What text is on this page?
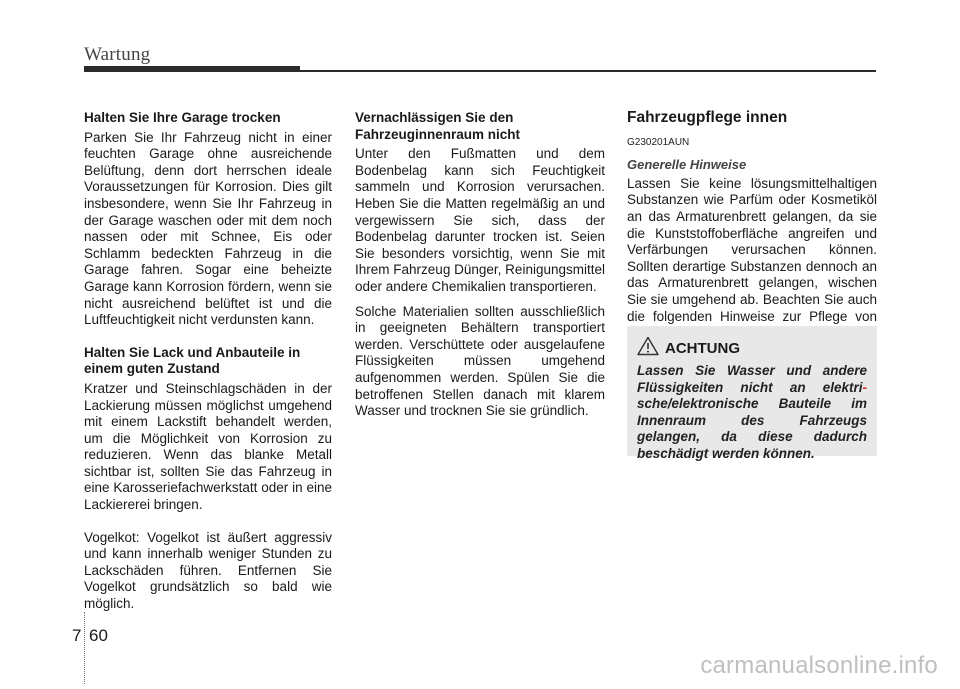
Wartung
Halten Sie Ihre Garage trocken
Parken Sie Ihr Fahrzeug nicht in einer feuchten Garage ohne ausreichende Belüftung, denn dort herrschen ideale Voraussetzungen für Korrosion. Dies gilt insbesondere, wenn Sie Ihr Fahrzeug in der Garage waschen oder mit dem noch nassen oder mit Schnee, Eis oder Schlamm bedeckten Fahrzeug in die Garage fahren. Sogar eine beheizte Garage kann Korrosion fördern, wenn sie nicht ausreichend belüftet ist und die Luftfeuchtigkeit nicht verdunsten kann.
Halten Sie Lack und Anbauteile in einem guten Zustand
Kratzer und Steinschlagschäden in der Lackierung müssen möglichst umgehend mit einem Lackstift behandelt werden, um die Möglichkeit von Korrosion zu reduzieren. Wenn das blanke Metall sichtbar ist, sollten Sie das Fahrzeug in eine Karosseriefachwerkstatt oder in eine Lackiererei bringen.
Vogelkot: Vogelkot ist äußert aggressiv und kann innerhalb weniger Stunden zu Lackschäden führen. Entfernen Sie Vogelkot grundsätzlich so bald wie möglich.
Vernachlässigen Sie den Fahrzeuginnenraum nicht
Unter den Fußmatten und dem Bodenbelag kann sich Feuchtigkeit sammeln und Korrosion verursachen. Heben Sie die Matten regelmäßig an und vergewissern Sie sich, dass der Bodenbelag darunter trocken ist. Seien Sie besonders vorsichtig, wenn Sie mit Ihrem Fahrzeug Dünger, Reinigungsmittel oder andere Chemikalien transportieren.
Solche Materialien sollten ausschließlich in geeigneten Behältern transportiert werden. Verschüttete oder ausgelaufene Flüssigkeiten müssen umgehend aufgenommen werden. Spülen Sie die betroffenen Stellen danach mit klarem Wasser und trocknen Sie sie gründlich.
Fahrzeugpflege innen
G230201AUN
Generelle Hinweise
Lassen Sie keine lösungsmittelhaltigen Substanzen wie Parfüm oder Kosmetiköl an das Armaturenbrett gelangen, da sie die Kunststoffoberfläche angreifen und Verfärbungen verursachen können. Sollten derartige Substanzen dennoch an das Armaturenbrett gelangen, wischen Sie sie umgehend ab. Beachten Sie auch die folgenden Hinweise zur Pflege von
ACHTUNG
Lassen Sie Wasser und andere Flüssigkeiten nicht an elektri-sche/elektronische Bauteile im Innenraum des Fahrzeugs gelangen, da diese dadurch beschädigt werden können.
7 60
carmanualsonline.info
